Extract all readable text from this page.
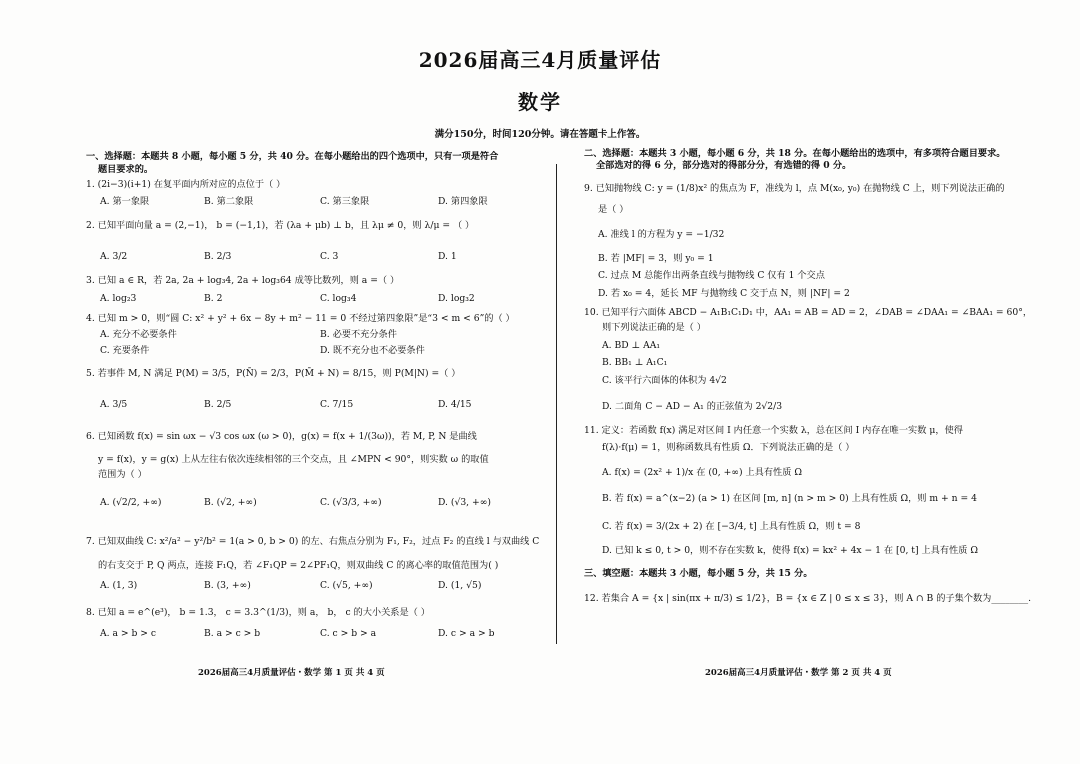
2026届高三4月质量评估
数学
满分150分，时间120分钟。请在答题卡上作答。
一、选择题：本题共 8 小题，每小题 5 分，共 40 分。在每小题给出的四个选项中，只有一项是符合
题目要求的。
1. (2i−3)(i+1) 在复平面内所对应的点位于（ ）
A. 第一象限	B. 第二象限	C. 第三象限	D. 第四象限
2. 已知平面向量 a = (2,−1)， b = (−1,1)，若 (λa + μb) ⊥ b，且 λμ ≠ 0，则 λ/μ = （ ）
A. 3/2	B. 2/3	C. 3	D. 1
3. 已知 a ∈ R，若 2a, 2a + log₃4, 2a + log₃64 成等比数列，则 a =（ ）
A. log₂3	B. 2	C. log₃4	D. log₃2
4. 已知 m > 0，则“圆 C: x² + y² + 6x − 8y + m² − 11 = 0 不经过第四象限”是“3 < m < 6”的（ ）
A. 充分不必要条件	B. 必要不充分条件
C. 充要条件	D. 既不充分也不必要条件
5. 若事件 M, N 满足 P(M) = 3/5，P(N̄) = 2/3，P(M̄ + N) = 8/15，则 P(M|N) =（ ）
A. 3/5	B. 2/5	C. 7/15	D. 4/15
6. 已知函数 f(x) = sin ωx − √3 cos ωx (ω > 0)，g(x) = f(x + 1/(3ω))，若 M, P, N 是曲线
y = f(x)，y = g(x) 上从左往右依次连续相邻的三个交点，且 ∠MPN < 90°，则实数 ω 的取值
范围为（ ）
A. (√2/2, +∞)	B. (√2, +∞)	C. (√3/3, +∞)	D. (√3, +∞)
7. 已知双曲线 C: x²/a² − y²/b² = 1(a > 0, b > 0) 的左、右焦点分别为 F₁, F₂，过点 F₂ 的直线 l 与双曲线 C
的右支交于 P, Q 两点，连接 F₁Q，若 ∠F₁QP = 2∠PF₁Q，则双曲线 C 的离心率的取值范围为( )
A. (1, 3)	B. (3, +∞)	C. (√5, +∞)	D. (1, √5)
8. 已知 a = e^(e³)， b = 1.3， c = 3.3^(1/3)，则 a， b， c 的大小关系是（ ）
A. a > b > c	B. a > c > b	C. c > b > a	D. c > a > b
二、选择题：本题共 3 小题，每小题 6 分，共 18 分。在每小题给出的选项中，有多项符合题目要求。
全部选对的得 6 分，部分选对的得部分分，有选错的得 0 分。
9. 已知抛物线 C: y = (1/8)x² 的焦点为 F，准线为 l，点 M(x₀, y₀) 在抛物线 C 上，则下列说法正确的
是（ ）
A. 准线 l 的方程为 y = −1/32
B. 若 |MF| = 3，则 y₀ = 1
C. 过点 M 总能作出两条直线与抛物线 C 仅有 1 个交点
D. 若 x₀ = 4，延长 MF 与抛物线 C 交于点 N，则 |NF| = 2
10. 已知平行六面体 ABCD − A₁B₁C₁D₁ 中，AA₁ = AB = AD = 2，∠DAB = ∠DAA₁ = ∠BAA₁ = 60°，
则下列说法正确的是（ ）
A. BD ⊥ AA₁
B. BB₁ ⊥ A₁C₁
C. 该平行六面体的体积为 4√2
D. 二面角 C − AD − A₁ 的正弦值为 2√2/3
11. 定义：若函数 f(x) 满足对区间 I 内任意一个实数 λ，总在区间 I 内存在唯一实数 μ，使得
f(λ)·f(μ) = 1，则称函数具有性质 Ω．下列说法正确的是（ ）
A. f(x) = (2x² + 1)/x 在 (0, +∞) 上具有性质 Ω
B. 若 f(x) = a^(x−2) (a > 1) 在区间 [m, n] (n > m > 0) 上具有性质 Ω，则 m + n = 4
C. 若 f(x) = 3/(2x + 2) 在 [−3/4, t] 上具有性质 Ω，则 t = 8
D. 已知 k ≤ 0, t > 0，则不存在实数 k，使得 f(x) = kx² + 4x − 1 在 [0, t] 上具有性质 Ω
三、填空题：本题共 3 小题，每小题 5 分，共 15 分。
12. 若集合 A = {x | sin(πx + π/3) ≤ 1/2}，B = {x ∈ Z | 0 ≤ x ≤ 3}，则 A ∩ B 的子集个数为________.
2026届高三4月质量评估・数学 第 1 页 共 4 页	2026届高三4月质量评估・数学 第 2 页 共 4 页
